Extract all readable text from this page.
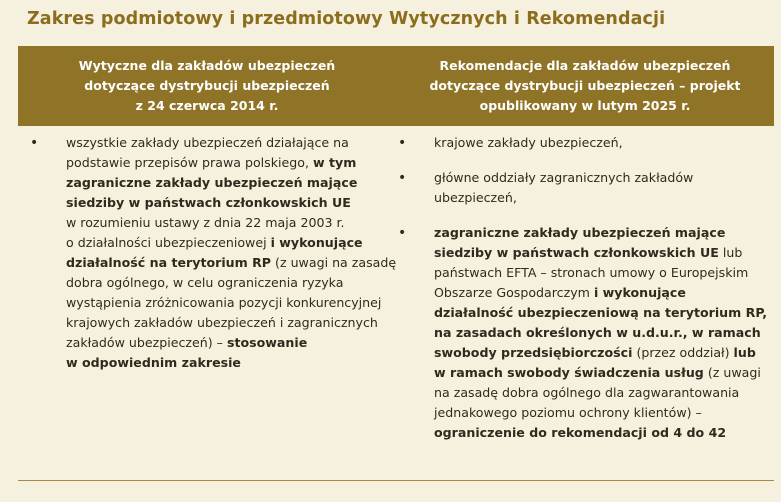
Zakres podmiotowy i przedmiotowy Wytycznych i Rekomendacji
Wytyczne dla zakładów ubezpieczeń
dotyczące dystrybucji ubezpieczeń
z 24 czerwca 2014 r.
Rekomendacje dla zakładów ubezpieczeń
dotyczące dystrybucji ubezpieczeń – projekt
opublikowany w lutym 2025 r.
• wszystkie zakłady ubezpieczeń działające na
podstawie przepisów prawa polskiego, w tym
zagraniczne zakłady ubezpieczeń mające
siedziby w państwach członkowskich UE
w rozumieniu ustawy z dnia 22 maja 2003 r.
o działalności ubezpieczeniowej i wykonujące
działalność na terytorium RP (z uwagi na zasadę
dobra ogólnego, w celu ograniczenia ryzyka
wystąpienia zróżnicowania pozycji konkurencyjnej
krajowych zakładów ubezpieczeń i zagranicznych
zakładów ubezpieczeń) – stosowanie
w odpowiednim zakresie
• krajowe zakłady ubezpieczeń,
• główne oddziały zagranicznych zakładów
ubezpieczeń,
• zagraniczne zakłady ubezpieczeń mające
siedziby w państwach członkowskich UE lub
państwach EFTA – stronach umowy o Europejskim
Obszarze Gospodarczym i wykonujące
działalność ubezpieczeniową na terytorium RP,
na zasadach określonych w u.d.u.r., w ramach
swobody przedsiębiorczości (przez oddział) lub
w ramach swobody świadczenia usług (z uwagi
na zasadę dobra ogólnego dla zagwarantowania
jednakowego poziomu ochrony klientów) –
ograniczenie do rekomendacji od 4 do 42
